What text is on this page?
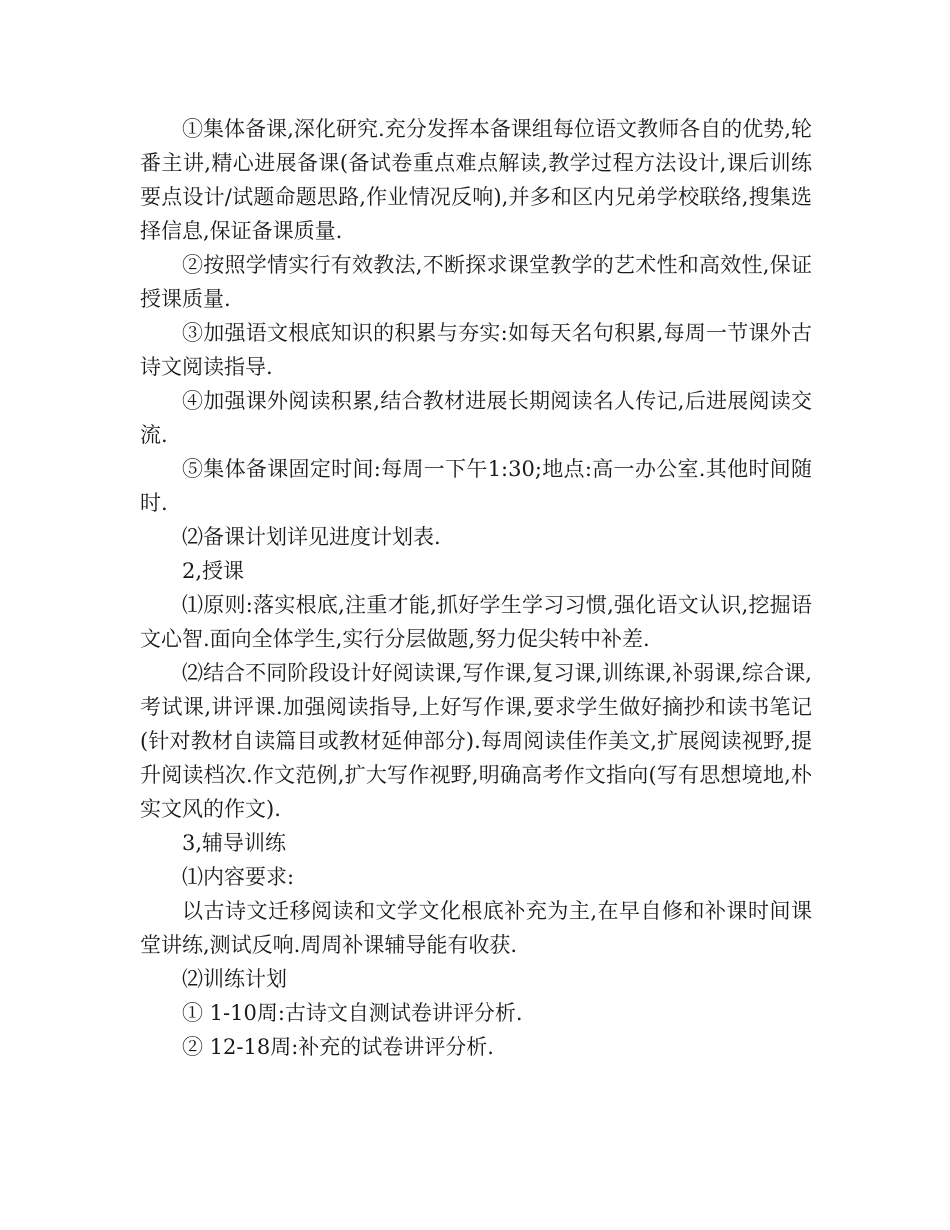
①集体备课,深化研究.充分发挥本备课组每位语文教师各自的优势,轮番主讲,精心进展备课(备试卷重点难点解读,教学过程方法设计,课后训练要点设计/试题命题思路,作业情况反响),并多和区内兄弟学校联络,搜集选择信息,保证备课质量.

②按照学情实行有效教法,不断探求课堂教学的艺术性和高效性,保证授课质量.

③加强语文根底知识的积累与夯实:如每天名句积累,每周一节课外古诗文阅读指导.

④加强课外阅读积累,结合教材进展长期阅读名人传记,后进展阅读交流.

⑤集体备课固定时间:每周一下午1:30;地点:高一办公室.其他时间随时.

⑵备课计划详见进度计划表.

2,授课

⑴原则:落实根底,注重才能,抓好学生学习习惯,强化语文认识,挖掘语文心智.面向全体学生,实行分层做题,努力促尖转中补差.

⑵结合不同阶段设计好阅读课,写作课,复习课,训练课,补弱课,综合课,考试课,讲评课.加强阅读指导,上好写作课,要求学生做好摘抄和读书笔记(针对教材自读篇目或教材延伸部分).每周阅读佳作美文,扩展阅读视野,提升阅读档次.作文范例,扩大写作视野,明确高考作文指向(写有思想境地,朴实文风的作文).

3,辅导训练

⑴内容要求:

以古诗文迁移阅读和文学文化根底补充为主,在早自修和补课时间课堂讲练,测试反响.周周补课辅导能有收获.

⑵训练计划

① 1-10周:古诗文自测试卷讲评分析.

② 12-18周:补充的试卷讲评分析.
